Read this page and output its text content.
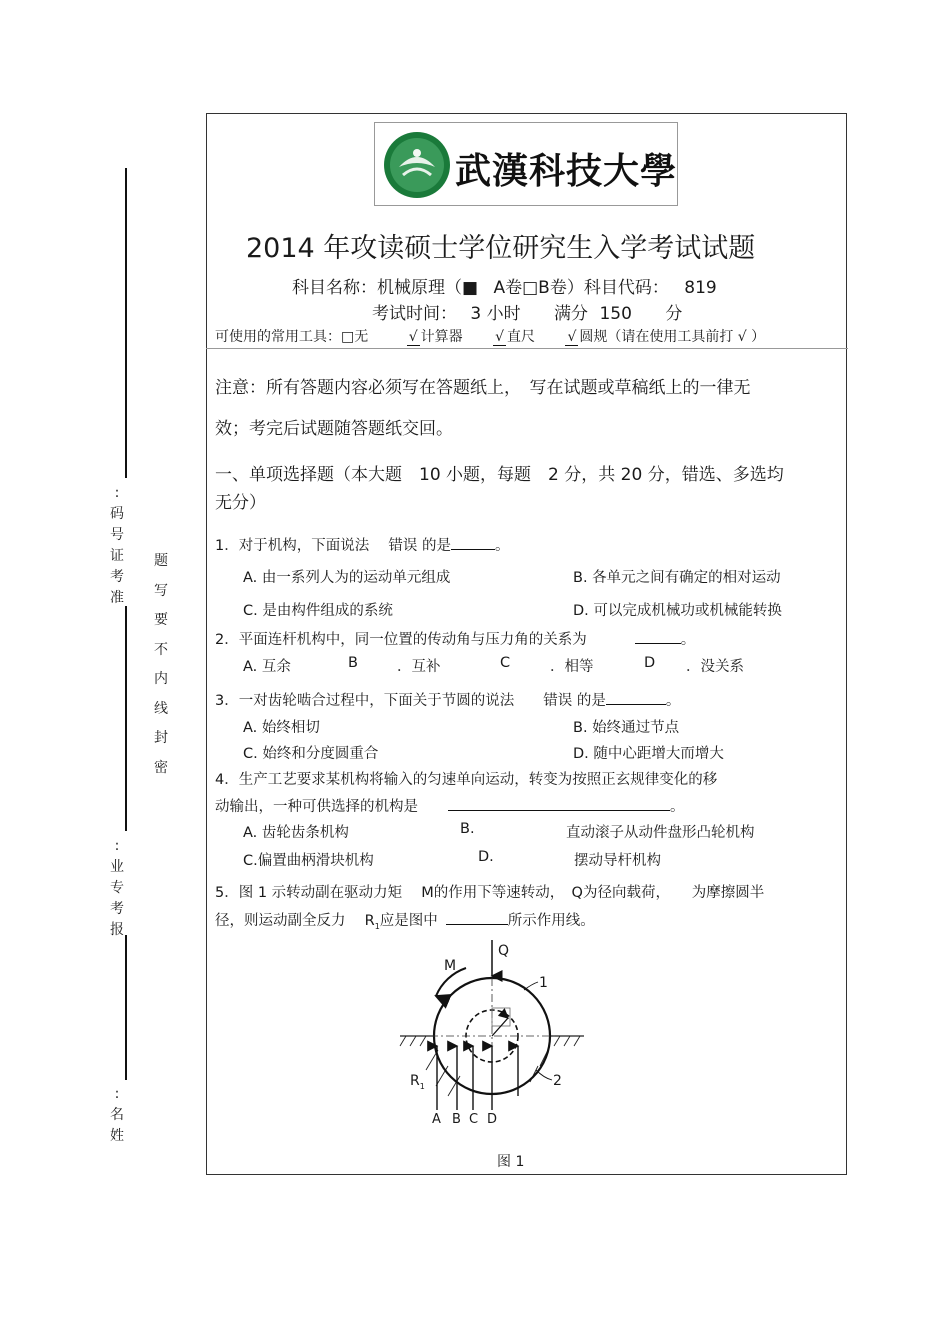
:
码
号
证
考
准
:
业
专
考
报
:
名
姓
题
写
要
不
内
线
封
密
武漢科技大學
2014 年攻读硕士学位研究生入学考试试题
科目名称：机械原理（■ A卷□B卷）科目代码： 819
考试时间： 3 小时 满分 150 分
可使用的常用工具：□无	√ 计算器 √ 直尺 √ 圆规（请在使用工具前打 √ ）
注意：所有答题内容必须写在答题纸上，　写在试题或草稿纸上的一律无
效；考完后试题随答题纸交回。
一、单项选择题（本大题　10 小题，每题　2 分，共 20 分，错选、多选均
无分）
1．对于机构，下面说法　 错误 的是	。
A. 由一系列人为的运动单元组成	B. 各单元之间有确定的相对运动
C. 是由构件组成的系统	D. 可以完成机械功或机械能转换
2．平面连杆机构中，同一位置的传动角与压力角的关系为	。
A. 互余	B	．互补	C	．相等	D ．没关系
3．一对齿轮啮合过程中，下面关于节圆的说法　　错误 的是	。
A. 始终相切	B. 始终通过节点
C. 始终和分度圆重合	D. 随中心距增大而增大
4．生产工艺要求某机构将输入的匀速单向运动，转变为按照正玄规律变化的移
动输出，一种可供选择的机构是	。
A. 齿轮齿条机构	B.	直动滚子从动件盘形凸轮机构
C.偏置曲柄滑块机构	D.	摆动导杆机构
5．图 1 示转动副在驱动力矩　 M的作用下等速转动，　Q为径向载荷，　　为摩擦圆半
径，则运动副全反力　 $R_1$应是图中	所示作用线。
M
Q
1
2
$R_1$
A B C D
图 1
